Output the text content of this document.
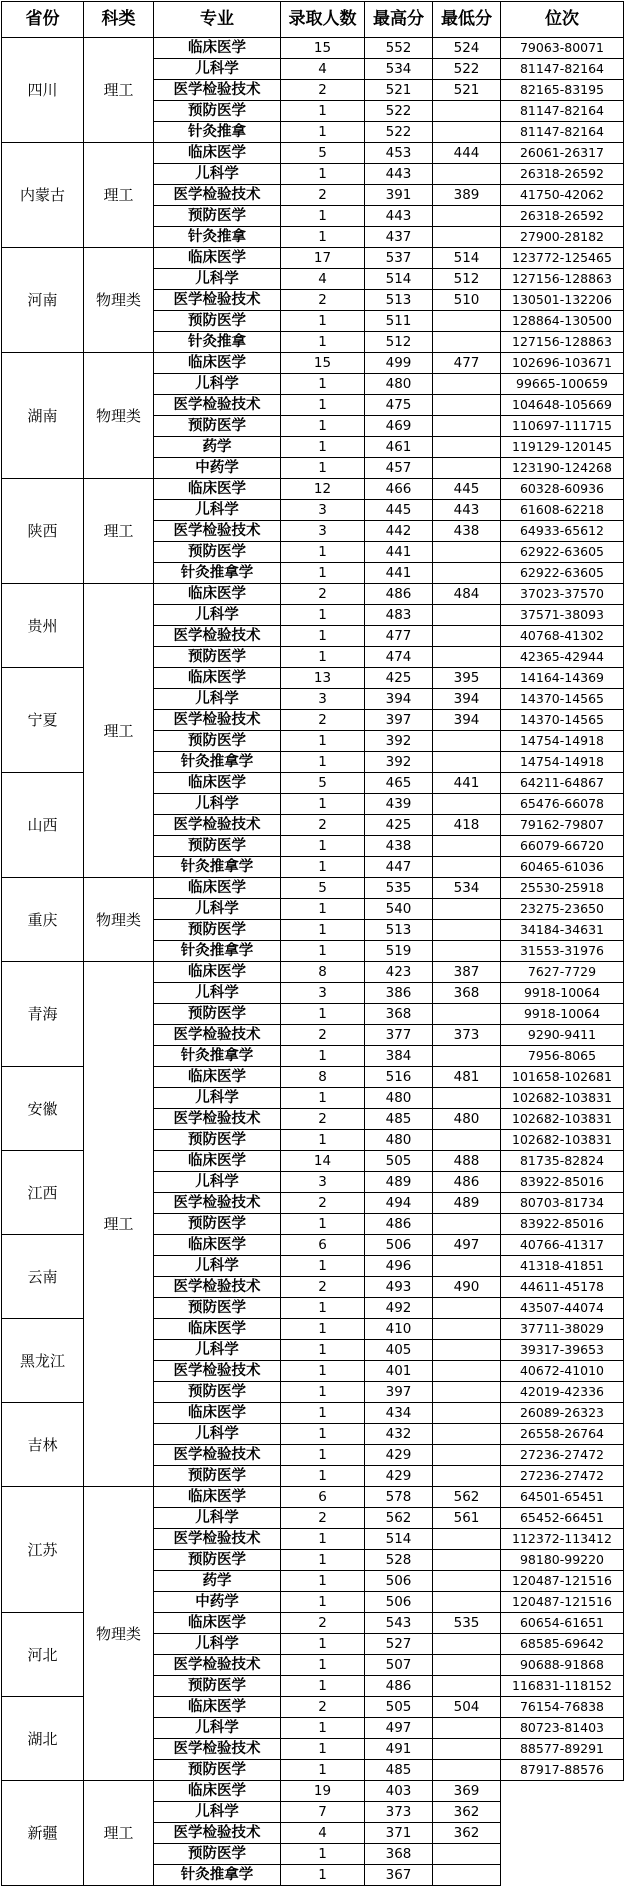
省份	科类	专业	录取人数	最高分	最低分	位次
四川	理工	临床医学	15	552	524	79063-80071
		儿科学	4	534	522	81147-82164
		医学检验技术	2	521	521	82165-83195
		预防医学	1	522		81147-82164
		针灸推拿	1	522		81147-82164
内蒙古	理工	临床医学	5	453	444	26061-26317
		儿科学	1	443		26318-26592
		医学检验技术	2	391	389	41750-42062
		预防医学	1	443		26318-26592
		针灸推拿	1	437		27900-28182
河南	物理类	临床医学	17	537	514	123772-125465
		儿科学	4	514	512	127156-128863
		医学检验技术	2	513	510	130501-132206
		预防医学	1	511		128864-130500
		针灸推拿	1	512		127156-128863
湖南	物理类	临床医学	15	499	477	102696-103671
		儿科学	1	480		99665-100659
		医学检验技术	1	475		104648-105669
		预防医学	1	469		110697-111715
		药学	1	461		119129-120145
		中药学	1	457		123190-124268
陕西	理工	临床医学	12	466	445	60328-60936
		儿科学	3	445	443	61608-62218
		医学检验技术	3	442	438	64933-65612
		预防医学	1	441		62922-63605
		针灸推拿学	1	441		62922-63605
贵州	理工	临床医学	2	486	484	37023-37570
		儿科学	1	483		37571-38093
		医学检验技术	1	477		40768-41302
		预防医学	1	474		42365-42944
宁夏		临床医学	13	425	395	14164-14369
		儿科学	3	394	394	14370-14565
		医学检验技术	2	397	394	14370-14565
		预防医学	1	392		14754-14918
		针灸推拿学	1	392		14754-14918
山西		临床医学	5	465	441	64211-64867
		儿科学	1	439		65476-66078
		医学检验技术	2	425	418	79162-79807
		预防医学	1	438		66079-66720
		针灸推拿学	1	447		60465-61036
重庆	物理类	临床医学	5	535	534	25530-25918
		儿科学	1	540		23275-23650
		预防医学	1	513		34184-34631
		针灸推拿学	1	519		31553-31976
青海	理工	临床医学	8	423	387	7627-7729
		儿科学	3	386	368	9918-10064
		预防医学	1	368		9918-10064
		医学检验技术	2	377	373	9290-9411
		针灸推拿学	1	384		7956-8065
安徽		临床医学	8	516	481	101658-102681
		儿科学	1	480		102682-103831
		医学检验技术	2	485	480	102682-103831
		预防医学	1	480		102682-103831
江西		临床医学	14	505	488	81735-82824
		儿科学	3	489	486	83922-85016
		医学检验技术	2	494	489	80703-81734
		预防医学	1	486		83922-85016
云南		临床医学	6	506	497	40766-41317
		儿科学	1	496		41318-41851
		医学检验技术	2	493	490	44611-45178
		预防医学	1	492		43507-44074
黑龙江		临床医学	1	410		37711-38029
		儿科学	1	405		39317-39653
		医学检验技术	1	401		40672-41010
		预防医学	1	397		42019-42336
吉林		临床医学	1	434		26089-26323
		儿科学	1	432		26558-26764
		医学检验技术	1	429		27236-27472
		预防医学	1	429		27236-27472
江苏	物理类	临床医学	6	578	562	64501-65451
		儿科学	2	562	561	65452-66451
		医学检验技术	1	514		112372-113412
		预防医学	1	528		98180-99220
		药学	1	506		120487-121516
		中药学	1	506		120487-121516
河北		临床医学	2	543	535	60654-61651
		儿科学	1	527		68585-69642
		医学检验技术	1	507		90688-91868
		预防医学	1	486		116831-118152
湖北		临床医学	2	505	504	76154-76838
		儿科学	1	497		80723-81403
		医学检验技术	1	491		88577-89291
		预防医学	1	485		87917-88576
新疆	理工	临床医学	19	403	369	
		儿科学	7	373	362	
		医学检验技术	4	371	362	
		预防医学	1	368		
		针灸推拿学	1	367		
